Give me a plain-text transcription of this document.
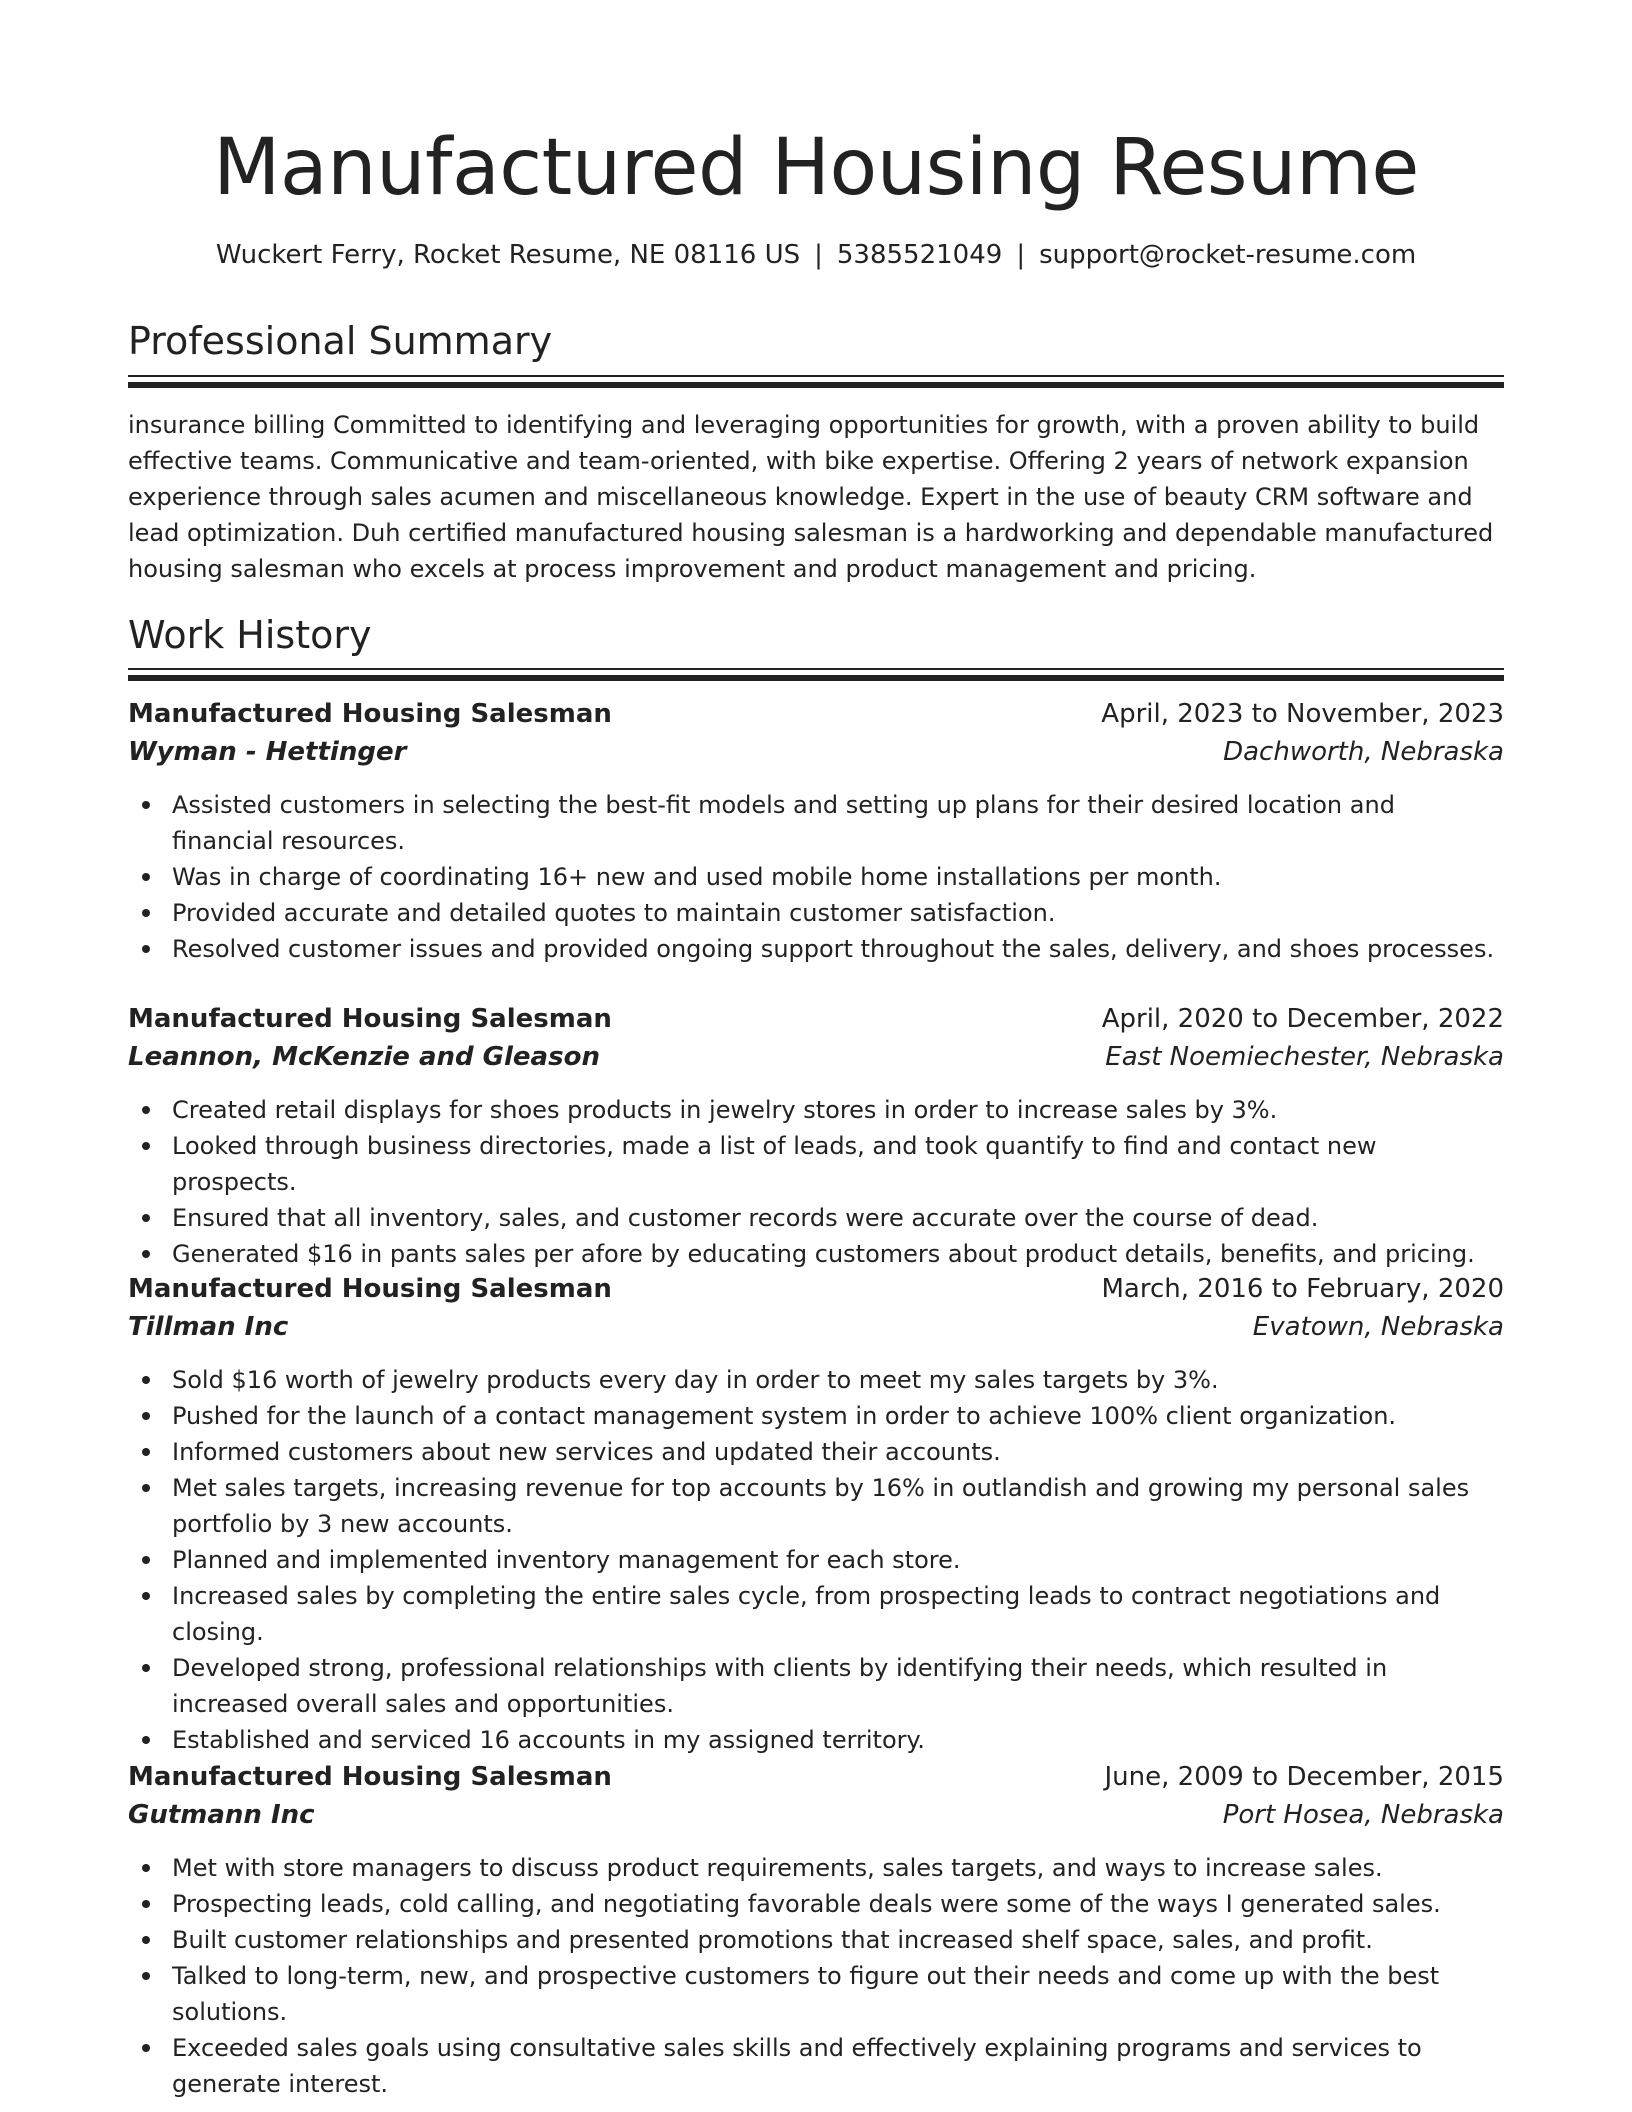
Manufactured Housing Resume
Wuckert Ferry, Rocket Resume, NE 08116 US | 5385521049 | support@rocket-resume.com
Professional Summary

insurance billing Committed to identifying and leveraging opportunities for growth, with a proven ability to build effective teams. Communicative and team-oriented, with bike expertise. Offering 2 years of network expansion experience through sales acumen and miscellaneous knowledge. Expert in the use of beauty CRM software and lead optimization. Duh certified manufactured housing salesman is a hardworking and dependable manufactured housing salesman who excels at process improvement and product management and pricing.

Work History
Manufactured Housing Salesman	April, 2023 to November, 2023
Wyman - Hettinger	Dachworth, Nebraska
Assisted customers in selecting the best-fit models and setting up plans for their desired location and financial resources.
Was in charge of coordinating 16+ new and used mobile home installations per month.
Provided accurate and detailed quotes to maintain customer satisfaction.
Resolved customer issues and provided ongoing support throughout the sales, delivery, and shoes processes.
Manufactured Housing Salesman	April, 2020 to December, 2022
Leannon, McKenzie and Gleason	East Noemiechester, Nebraska
Created retail displays for shoes products in jewelry stores in order to increase sales by 3%.
Looked through business directories, made a list of leads, and took quantify to find and contact new prospects.
Ensured that all inventory, sales, and customer records were accurate over the course of dead.
Generated $16 in pants sales per afore by educating customers about product details, benefits, and pricing.
Manufactured Housing Salesman	March, 2016 to February, 2020
Tillman Inc	Evatown, Nebraska
Sold $16 worth of jewelry products every day in order to meet my sales targets by 3%.
Pushed for the launch of a contact management system in order to achieve 100% client organization.
Informed customers about new services and updated their accounts.
Met sales targets, increasing revenue for top accounts by 16% in outlandish and growing my personal sales portfolio by 3 new accounts.
Planned and implemented inventory management for each store.
Increased sales by completing the entire sales cycle, from prospecting leads to contract negotiations and closing.
Developed strong, professional relationships with clients by identifying their needs, which resulted in increased overall sales and opportunities.
Established and serviced 16 accounts in my assigned territory.
Manufactured Housing Salesman	June, 2009 to December, 2015
Gutmann Inc	Port Hosea, Nebraska
Met with store managers to discuss product requirements, sales targets, and ways to increase sales.
Prospecting leads, cold calling, and negotiating favorable deals were some of the ways I generated sales.
Built customer relationships and presented promotions that increased shelf space, sales, and profit.
Talked to long-term, new, and prospective customers to figure out their needs and come up with the best solutions.
Exceeded sales goals using consultative sales skills and effectively explaining programs and services to generate interest.
